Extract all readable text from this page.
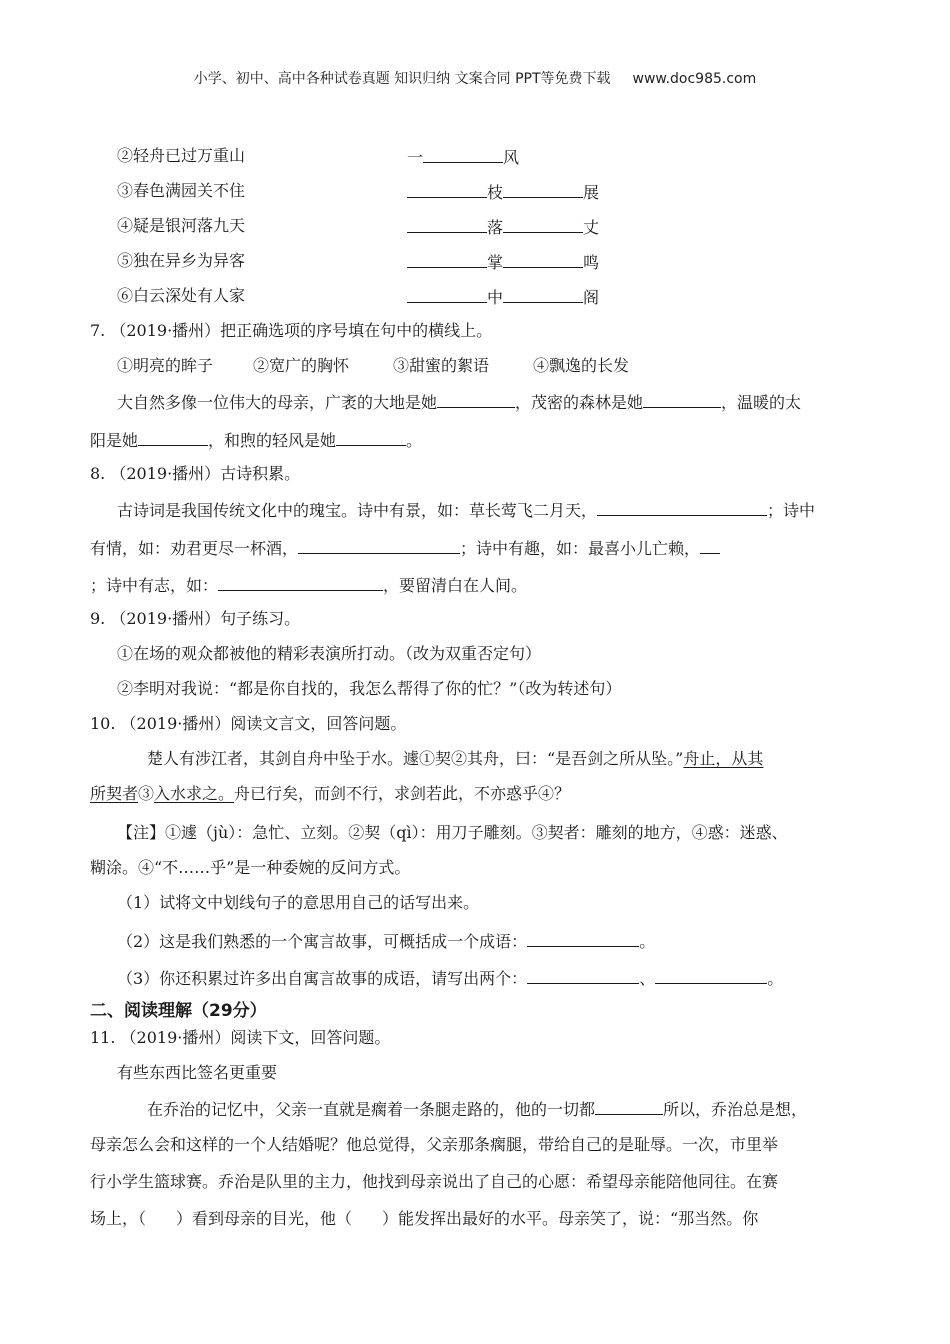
小学、初中、高中各种试卷真题 知识归纳 文案合同 PPT等免费下载 www.doc985.com
②轻舟已过万重山	一	风
③春色满园关不住	枝	展
④疑是银河落九天	落	丈
⑤独在异乡为异客	掌	鸣
⑥白云深处有人家	中	阁
7. （2019·播州）把正确选项的序号填在句中的横线上。
①明亮的眸子 ②宽广的胸怀	③甜蜜的絮语	④飘逸的长发
大自然多像一位伟大的母亲，广袤的大地是她	，茂密的森林是她	，温暖的太
阳是她	，和煦的轻风是她	。
8. （2019·播州）古诗积累。
古诗词是我国传统文化中的瑰宝。诗中有景，如：草长莺飞二月天，	；诗中
有情，如：劝君更尽一杯酒，	；诗中有趣，如：最喜小儿亡赖，
；诗中有志，如：	，要留清白在人间。
9. （2019·播州）句子练习。
①在场的观众都被他的精彩表演所打动。（改为双重否定句）
②李明对我说：“都是你自找的，我怎么帮得了你的忙？”（改为转述句）
10. （2019·播州）阅读文言文，回答问题。
楚人有涉江者，其剑自舟中坠于水。遽①契②其舟，曰：“是吾剑之所从坠。”舟止，从其
所契者③入水求之。舟已行矣，而剑不行，求剑若此，不亦惑乎④？
【注】①遽（jù）：急忙、立刻。②契（qì）：用刀子雕刻。③契者：雕刻的地方，④惑：迷惑、
糊涂。④“不……乎”是一种委婉的反问方式。
（1）试将文中划线句子的意思用自己的话写出来。
（2）这是我们熟悉的一个寓言故事，可概括成一个成语：	。
（3）你还积累过许多出自寓言故事的成语，请写出两个：	、	。
二、阅读理解（29分）
11. （2019·播州）阅读下文，回答问题。
有些东西比签名更重要
在乔治的记忆中，父亲一直就是瘸着一条腿走路的，他的一切都	所以，乔治总是想，
母亲怎么会和这样的一个人结婚呢？他总觉得，父亲那条瘸腿，带给自己的是耻辱。一次，市里举
行小学生篮球赛。乔治是队里的主力，他找到母亲说出了自己的心愿：希望母亲能陪他同往。在赛
场上，（ ）看到母亲的目光，他（ ）能发挥出最好的水平。母亲笑了，说：“那当然。你
